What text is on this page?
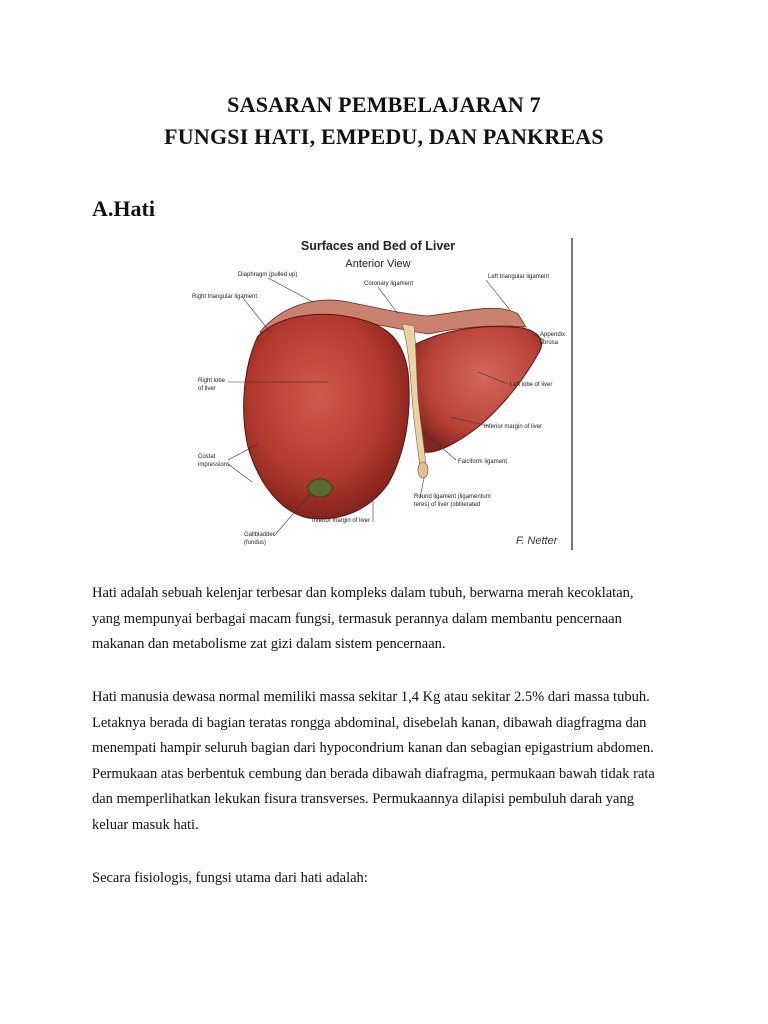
SASARAN PEMBELAJARAN 7
FUNGSI HATI, EMPEDU, DAN PANKREAS
A.Hati
Surfaces and Bed of Liver
Anterior View
Diaphragm (pulled up)
Coronary ligament
Left triangular ligament
Right triangular ligament
Appendix
fibrosa
Right lobe
of liver
Left lobe of liver
Inferior margin of liver
Costal
impressions	Falciform ligament
Round ligament (ligamentum
teres) of liver (obliterated
Inferior margin of liver
Gallbladder
(fundus)	F. Netter
Hati adalah sebuah kelenjar terbesar dan kompleks dalam tubuh, berwarna merah kecoklatan,
yang mempunyai berbagai macam fungsi, termasuk perannya dalam membantu pencernaan
makanan dan metabolisme zat gizi dalam sistem pencernaan.
Hati manusia dewasa normal memiliki massa sekitar 1,4 Kg atau sekitar 2.5% dari massa tubuh.
Letaknya berada di bagian teratas rongga abdominal, disebelah kanan, dibawah diagfragma dan
menempati hampir seluruh bagian dari hypocondrium kanan dan sebagian epigastrium abdomen.
Permukaan atas berbentuk cembung dan berada dibawah diafragma, permukaan bawah tidak rata
dan memperlihatkan lekukan fisura transverses. Permukaannya dilapisi pembuluh darah yang
keluar masuk hati.
Secara fisiologis, fungsi utama dari hati adalah:
